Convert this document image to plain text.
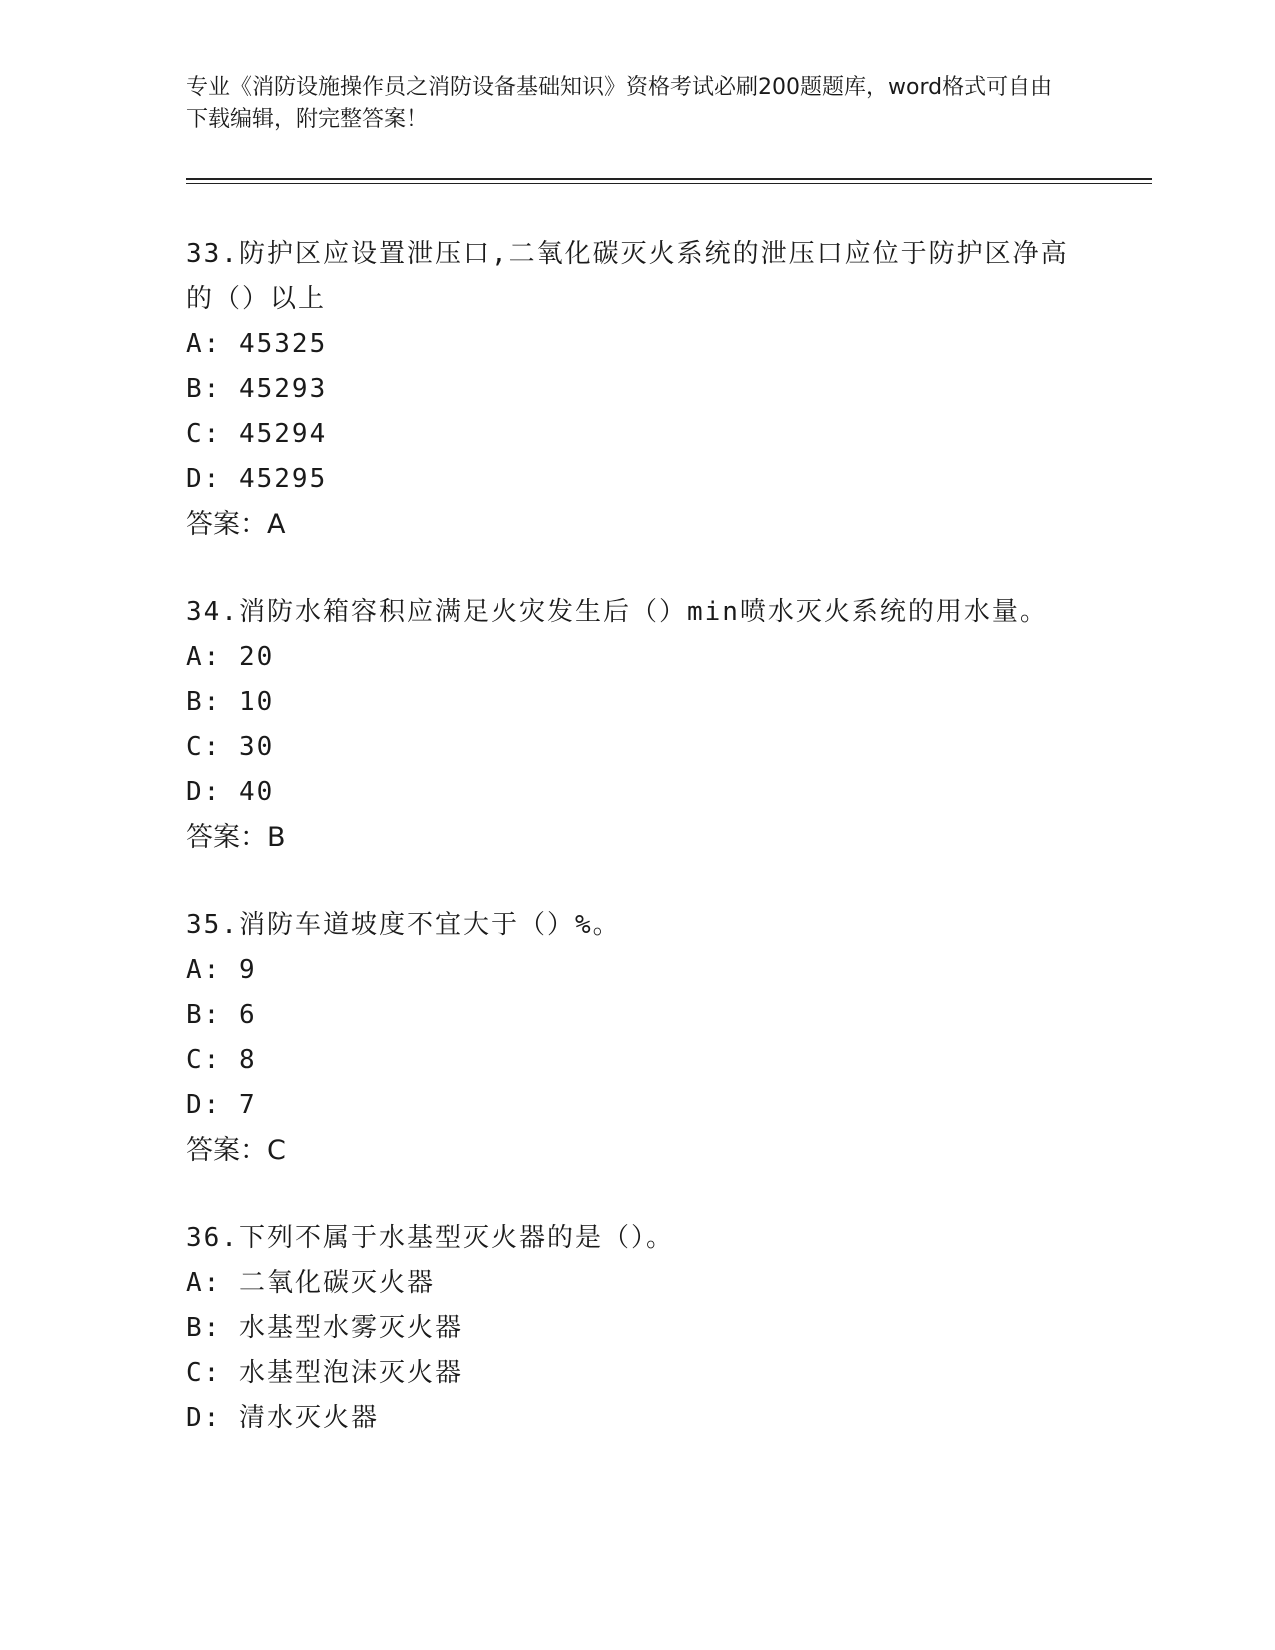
专业《消防设施操作员之消防设备基础知识》资格考试必刷200题题库，word格式可自由下载编辑，附完整答案！
33.防护区应设置泄压口,二氧化碳灭火系统的泄压口应位于防护区净高的（）以上
A: 45325
B: 45293
C: 45294
D: 45295
答案：A
34.消防水箱容积应满足火灾发生后（）min喷水灭火系统的用水量。
A: 20
B: 10
C: 30
D: 40
答案：B
35.消防车道坡度不宜大于（）%。
A: 9
B: 6
C: 8
D: 7
答案：C
36.下列不属于水基型灭火器的是（）。
A: 二氧化碳灭火器
B: 水基型水雾灭火器
C: 水基型泡沫灭火器
D: 清水灭火器
